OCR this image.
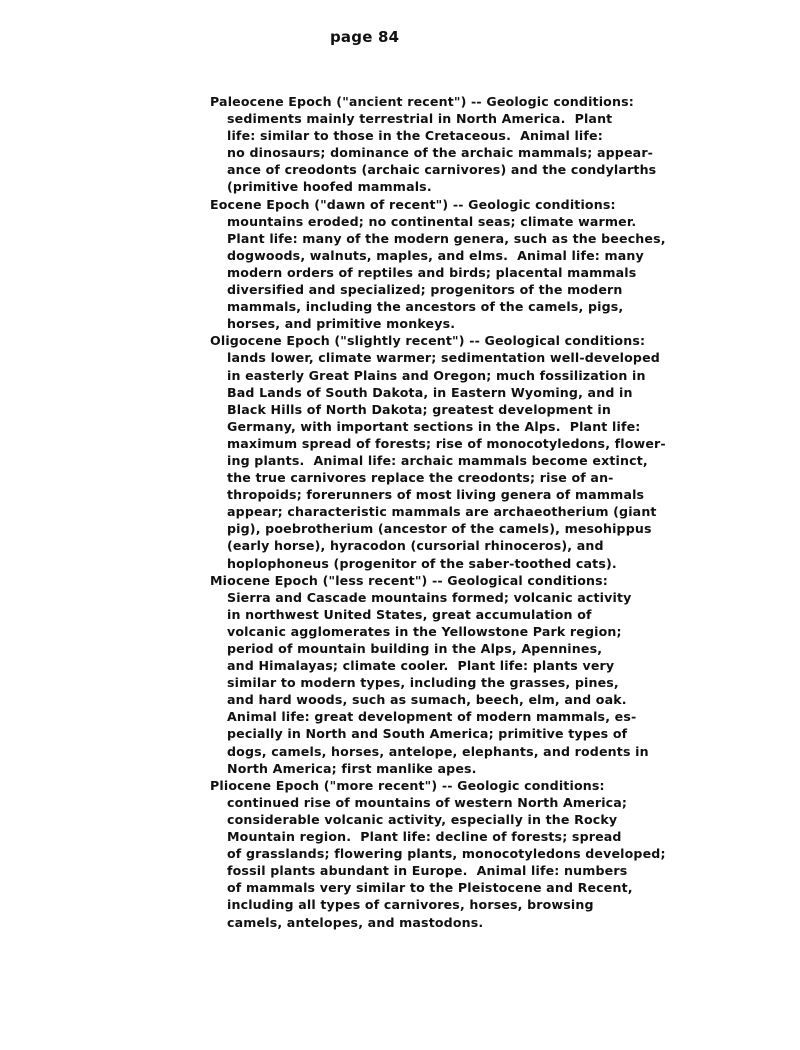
page 84
Paleocene Epoch ("ancient recent") -- Geologic conditions:
sediments mainly terrestrial in North America.  Plant
life: similar to those in the Cretaceous.  Animal life:
no dinosaurs; dominance of the archaic mammals; appear-
ance of creodonts (archaic carnivores) and the condylarths
(primitive hoofed mammals.
Eocene Epoch ("dawn of recent") -- Geologic conditions:
mountains eroded; no continental seas; climate warmer.
Plant life: many of the modern genera, such as the beeches,
dogwoods, walnuts, maples, and elms.  Animal life: many
modern orders of reptiles and birds; placental mammals
diversified and specialized; progenitors of the modern
mammals, including the ancestors of the camels, pigs,
horses, and primitive monkeys.
Oligocene Epoch ("slightly recent") -- Geological conditions:
lands lower, climate warmer; sedimentation well-developed
in easterly Great Plains and Oregon; much fossilization in
Bad Lands of South Dakota, in Eastern Wyoming, and in
Black Hills of North Dakota; greatest development in
Germany, with important sections in the Alps.  Plant life:
maximum spread of forests; rise of monocotyledons, flower-
ing plants.  Animal life: archaic mammals become extinct,
the true carnivores replace the creodonts; rise of an-
thropoids; forerunners of most living genera of mammals
appear; characteristic mammals are archaeotherium (giant
pig), poebrotherium (ancestor of the camels), mesohippus
(early horse), hyracodon (cursorial rhinoceros), and
hoplophoneus (progenitor of the saber-toothed cats).
Miocene Epoch ("less recent") -- Geological conditions:
Sierra and Cascade mountains formed; volcanic activity
in northwest United States, great accumulation of
volcanic agglomerates in the Yellowstone Park region;
period of mountain building in the Alps, Apennines,
and Himalayas; climate cooler.  Plant life: plants very
similar to modern types, including the grasses, pines,
and hard woods, such as sumach, beech, elm, and oak.
Animal life: great development of modern mammals, es-
pecially in North and South America; primitive types of
dogs, camels, horses, antelope, elephants, and rodents in
North America; first manlike apes.
Pliocene Epoch ("more recent") -- Geologic conditions:
continued rise of mountains of western North America;
considerable volcanic activity, especially in the Rocky
Mountain region.  Plant life: decline of forests; spread
of grasslands; flowering plants, monocotyledons developed;
fossil plants abundant in Europe.  Animal life: numbers
of mammals very similar to the Pleistocene and Recent,
including all types of carnivores, horses, browsing
camels, antelopes, and mastodons.
